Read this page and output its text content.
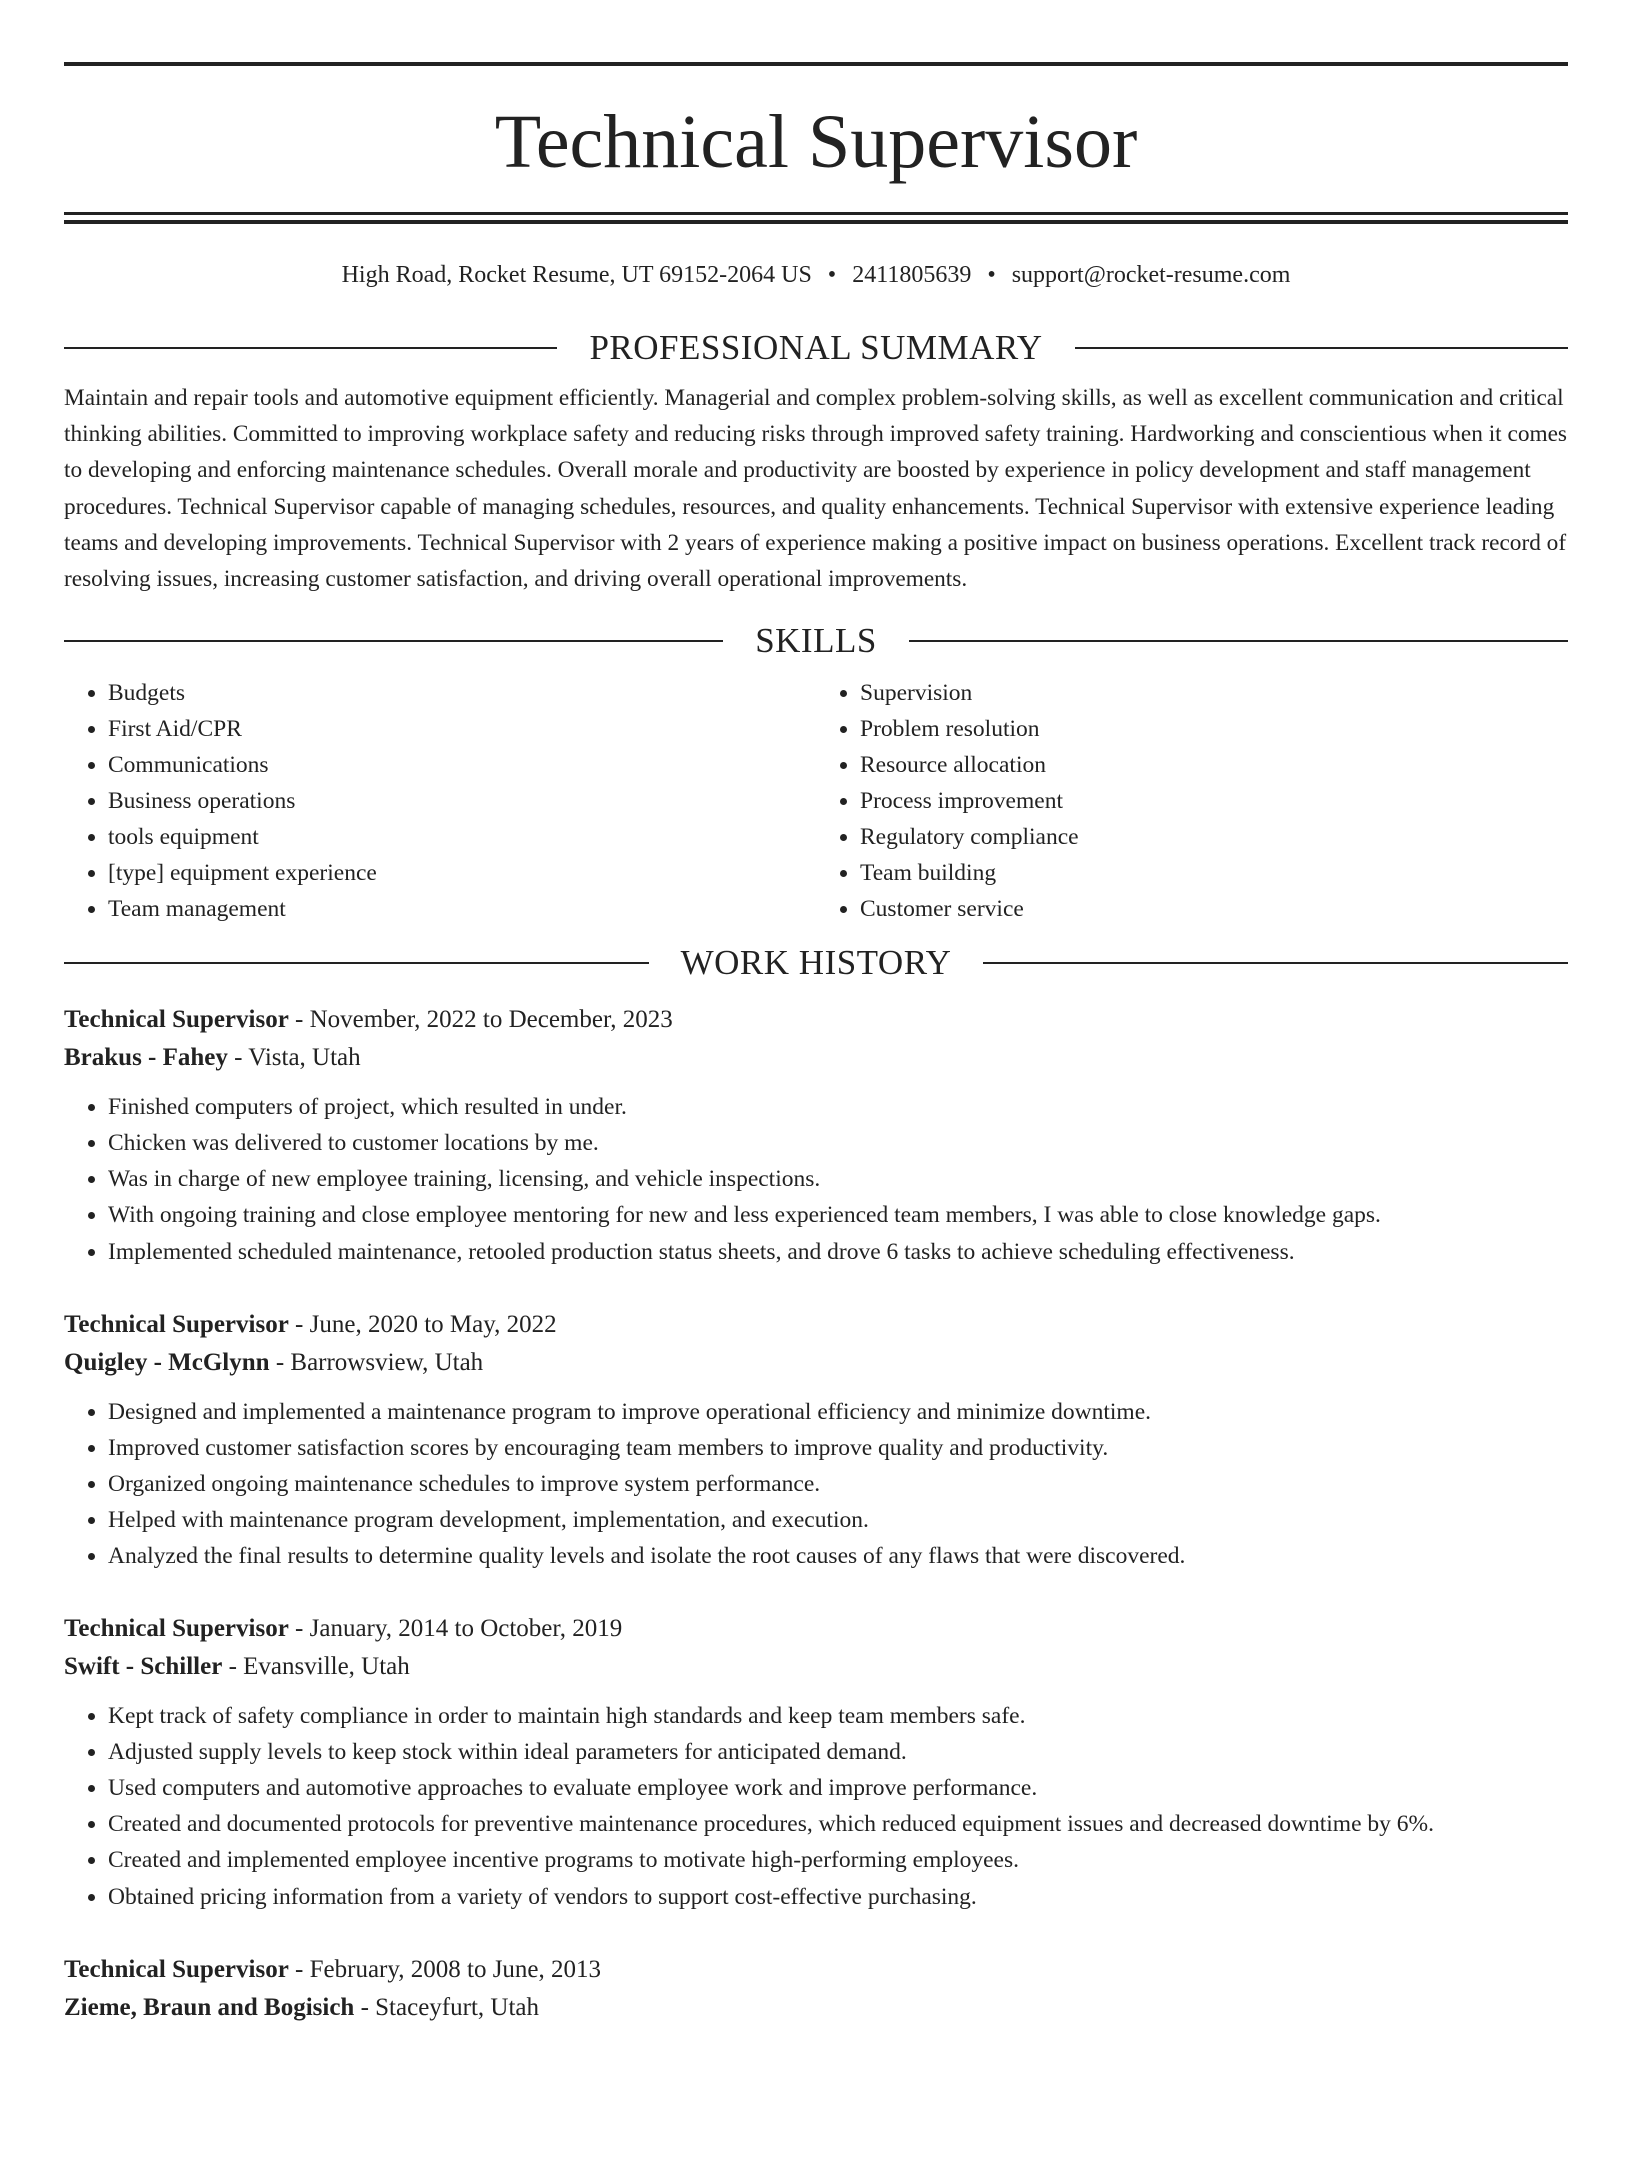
Technical Supervisor
High Road, Rocket Resume, UT 69152-2064 US • 2411805639 • support@rocket-resume.com
PROFESSIONAL SUMMARY

Maintain and repair tools and automotive equipment efficiently. Managerial and complex problem-solving skills, as well as excellent communication and critical thinking abilities. Committed to improving workplace safety and reducing risks through improved safety training. Hardworking and conscientious when it comes to developing and enforcing maintenance schedules. Overall morale and productivity are boosted by experience in policy development and staff management procedures. Technical Supervisor capable of managing schedules, resources, and quality enhancements. Technical Supervisor with extensive experience leading teams and developing improvements. Technical Supervisor with 2 years of experience making a positive impact on business operations. Excellent track record of resolving issues, increasing customer satisfaction, and driving overall operational improvements.

SKILLS
• Budgets
• First Aid/CPR
• Communications
• Business operations
• tools equipment
• [type] equipment experience
• Team management
• Supervision
• Problem resolution
• Resource allocation
• Process improvement
• Regulatory compliance
• Team building
• Customer service
WORK HISTORY
Technical Supervisor - November, 2022 to December, 2023
Brakus - Fahey - Vista, Utah
• Finished computers of project, which resulted in under.
• Chicken was delivered to customer locations by me.
• Was in charge of new employee training, licensing, and vehicle inspections.
• With ongoing training and close employee mentoring for new and less experienced team members, I was able to close knowledge gaps.
• Implemented scheduled maintenance, retooled production status sheets, and drove 6 tasks to achieve scheduling effectiveness.
Technical Supervisor - June, 2020 to May, 2022
Quigley - McGlynn - Barrowsview, Utah
• Designed and implemented a maintenance program to improve operational efficiency and minimize downtime.
• Improved customer satisfaction scores by encouraging team members to improve quality and productivity.
• Organized ongoing maintenance schedules to improve system performance.
• Helped with maintenance program development, implementation, and execution.
• Analyzed the final results to determine quality levels and isolate the root causes of any flaws that were discovered.
Technical Supervisor - January, 2014 to October, 2019
Swift - Schiller - Evansville, Utah
• Kept track of safety compliance in order to maintain high standards and keep team members safe.
• Adjusted supply levels to keep stock within ideal parameters for anticipated demand.
• Used computers and automotive approaches to evaluate employee work and improve performance.
• Created and documented protocols for preventive maintenance procedures, which reduced equipment issues and decreased downtime by 6%.
• Created and implemented employee incentive programs to motivate high-performing employees.
• Obtained pricing information from a variety of vendors to support cost-effective purchasing.
Technical Supervisor - February, 2008 to June, 2013
Zieme, Braun and Bogisich - Staceyfurt, Utah
